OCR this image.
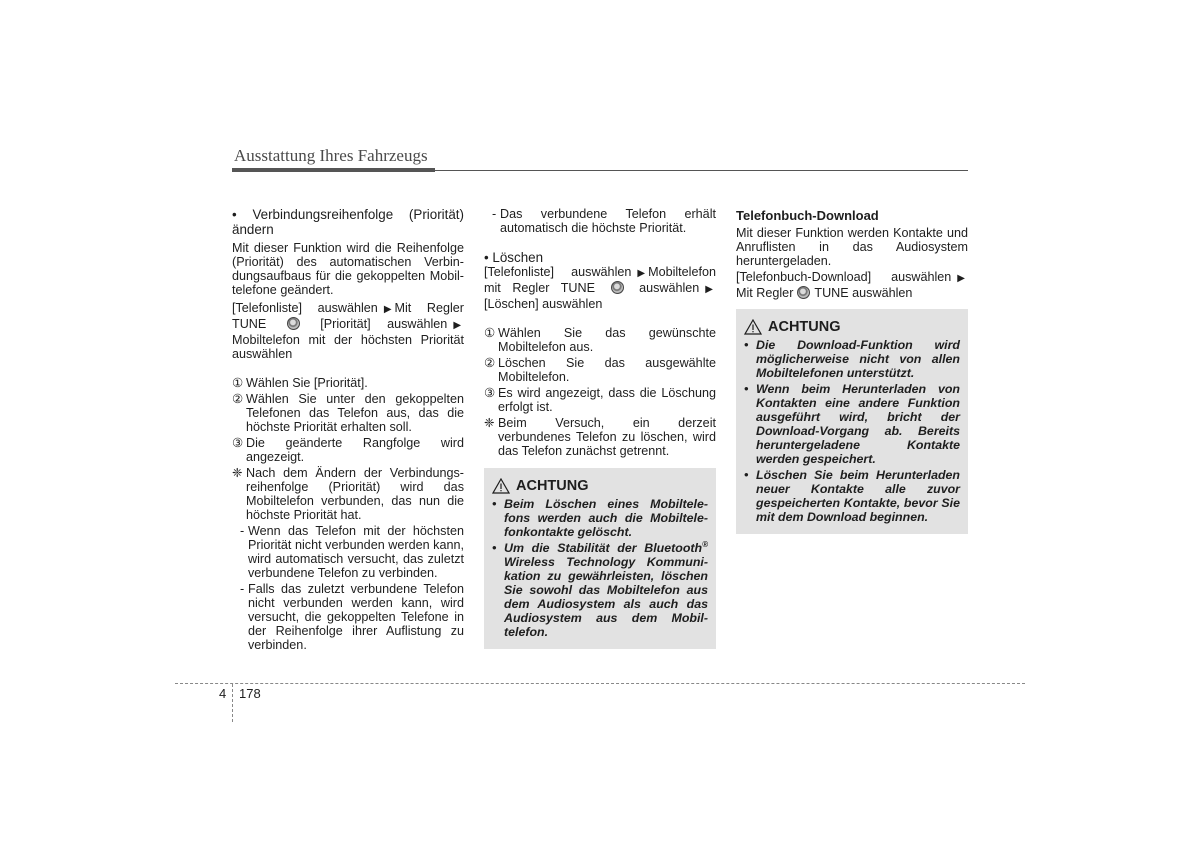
Ausstattung Ihres Fahrzeugs

• Verbindungsreihenfolge (Priorität) ändern

Mit dieser Funktion wird die Reihenfolge (Priorität) des automatischen Verbin-dungsaufbaus für die gekoppelten Mobil-telefone geändert.

[Telefonliste] auswählen ▶ Mit Regler TUNE	[Priorität] auswählen ▶ Mobiltelefon mit der höchsten Priorität auswählen

① Wählen Sie [Priorität].
② Wählen Sie unter den gekoppelten Telefonen das Telefon aus, das die höchste Priorität erhalten soll.
③ Die geänderte Rangfolge wird angezeigt.
❈ Nach dem Ändern der Verbindungs-reihenfolge (Priorität) wird das Mobiltelefon verbunden, das nun die höchste Priorität hat.
- Wenn das Telefon mit der höchsten Priorität nicht verbunden werden kann, wird automatisch versucht, das zuletzt verbundene Telefon zu verbinden.
- Falls das zuletzt verbundene Telefon nicht verbunden werden kann, wird versucht, die gekoppelten Telefone in der Reihenfolge ihrer Auflistung zu verbinden.
- Das verbundene Telefon erhält automatisch die höchste Priorität.

• Löschen

[Telefonliste] auswählen ▶ Mobiltelefon mit Regler TUNE	auswählen ▶ [Löschen] auswählen

① Wählen Sie das gewünschte Mobiltelefon aus.
② Löschen Sie das ausgewählte Mobiltelefon.
③ Es wird angezeigt, dass die Löschung erfolgt ist.
❈ Beim Versuch, ein derzeit verbundenes Telefon zu löschen, wird das Telefon zunächst getrennt.
ACHTUNG
• Beim Löschen eines Mobiltele-fons werden auch die Mobiltele-fonkontakte gelöscht.
• Um die Stabilität der Bluetooth® Wireless Technology Kommuni-kation zu gewährleisten, löschen Sie sowohl das Mobiltelefon aus dem Audiosystem als auch das Audiosystem aus dem Mobil-telefon.

Telefonbuch-Download

Mit dieser Funktion werden Kontakte und Anruflisten in das Audiosystem heruntergeladen.

[Telefonbuch-Download] auswählen ▶ Mit Regler TUNE auswählen

ACHTUNG
• Die Download-Funktion wird möglicherweise nicht von allen Mobiltelefonen unterstützt.
• Wenn beim Herunterladen von Kontakten eine andere Funktion ausgeführt wird, bricht der Download-Vorgang ab. Bereits heruntergeladene Kontakte werden gespeichert.
• Löschen Sie beim Herunterladen neuer Kontakte alle zuvor gespeicherten Kontakte, bevor Sie mit dem Download beginnen.
4 178
